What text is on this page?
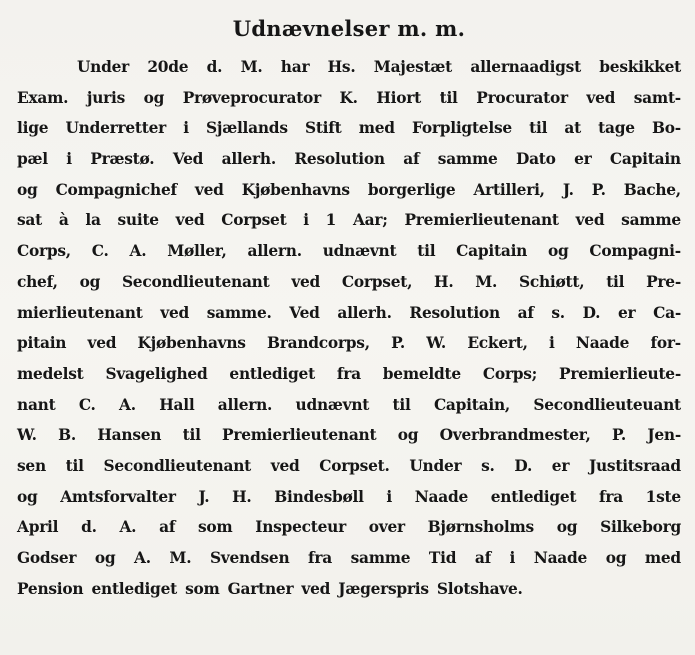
Udnævnelser m. m.
Under 20de d. M. har Hs. Majestæt allernaadigst beskikket
Exam. juris og Prøveprocurator K. Hiort til Procurator ved samt-
lige Underretter i Sjællands Stift med Forpligtelse til at tage Bo-
pæl i Præstø. Ved allerh. Resolution af samme Dato er Capitain
og Compagnichef ved Kjøbenhavns borgerlige Artilleri, J. P. Bache,
sat à la suite ved Corpset i 1 Aar; Premierlieutenant ved samme
Corps, C. A. Møller, allern. udnævnt til Capitain og Compagni-
chef, og Secondlieutenant ved Corpset, H. M. Schiøtt, til Pre-
mierlieutenant ved samme. Ved allerh. Resolution af s. D. er Ca-
pitain ved Kjøbenhavns Brandcorps, P. W. Eckert, i Naade for-
medelst Svagelighed entlediget fra bemeldte Corps; Premierlieute-
nant C. A. Hall allern. udnævnt til Capitain, Secondlieuteuant
W. B. Hansen til Premierlieutenant og Overbrandmester, P. Jen-
sen til Secondlieutenant ved Corpset. Under s. D. er Justitsraad
og Amtsforvalter J. H. Bindesbøll i Naade entlediget fra 1ste
April d. A. af som Inspecteur over Bjørnsholms og Silkeborg
Godser og A. M. Svendsen fra samme Tid af i Naade og med
Pension entlediget som Gartner ved Jægerspris Slotshave.
